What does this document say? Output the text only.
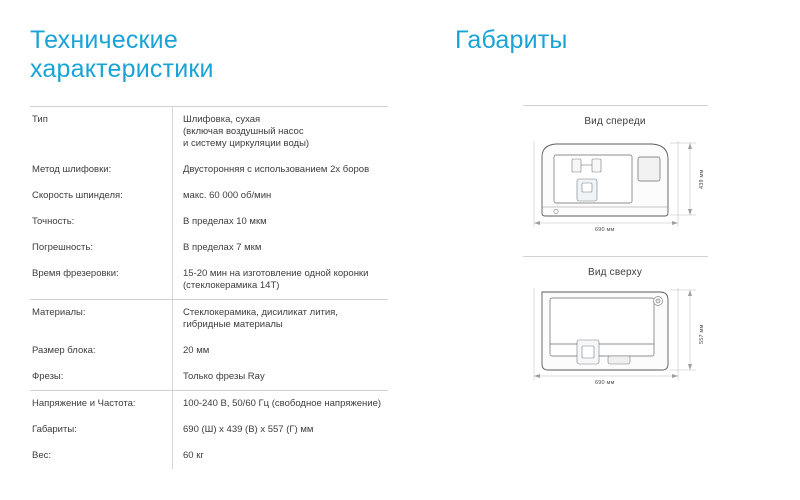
Технические
характеристики
Тип	Шлифовка, сухая
(включая воздушный насос
и систему циркуляции воды)

Метод шлифовки:	Двусторонняя с использованием 2х боров

Скорость шпинделя:	макс. 60 000 об/мин

Точность:	В пределах 10 мкм

Погрешность:	В пределах 7 мкм

Время фрезеровки:	15-20 мин на изготовление одной коронки
(стеклокерамика 14Т)

Материалы:	Стеклокерамика, дисиликат лития,
гибридные материалы

Размер блока:	20 мм

Фрезы:	Только фрезы Ray

Напряжение и Частота:	100-240 В, 50/60 Гц (свободное напряжение)

Габариты:	690 (Ш) x 439 (В) x 557 (Г) мм

Вес:	60 кг
Габариты
Вид спереди
690 мм
439 мм
Вид сверху
690 мм
557 мм
